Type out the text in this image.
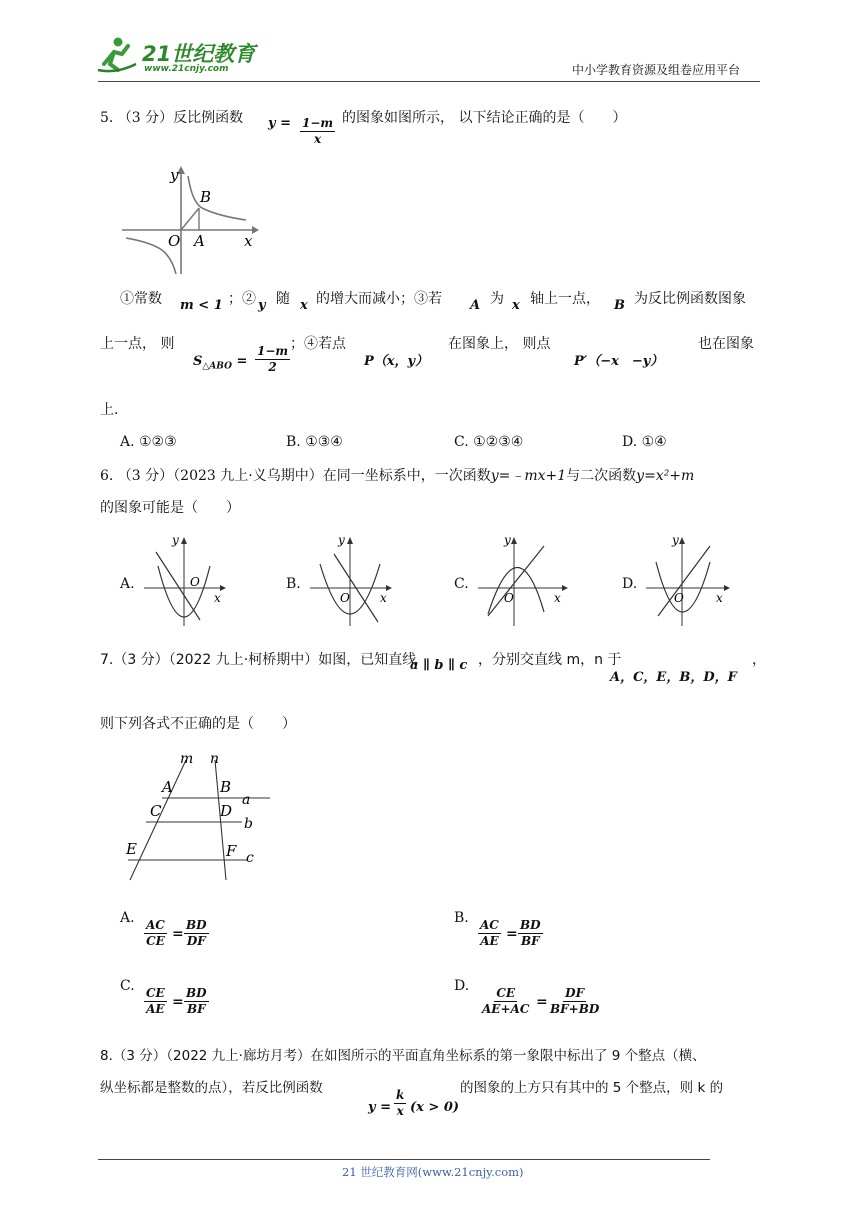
21世纪教育
www.21cnjy.com	中小学教育资源及组卷应用平台
5. （3 分）反比例函数 $y = \frac{1-m}{x}$ 的图象如图所示， 以下结论正确的是（　　）
y
B
O A	x
①常数 m < 1 ；② y 随 x 的增大而减小；③若 A 为 x 轴上一点， B 为反比例函数图象
上一点， 则
$S_{\triangle ABO} = \frac{1-m}{2}$ ；④若点
P（x，y）
在图象上， 则点
P′（−x　−y）
也在图象
上.
A. ①②③	B. ①③④	C. ①②③④	D. ①④
6. （3 分）（2023 九上·义乌期中）在同一坐标系中，一次函数y=﹣mx+1与二次函数y=x²+m
的图象可能是（　　）
A.
y
O
x
B.
y
O	x
C.
y
O	x
D.
y
O	x
7.（3 分）（2022 九上·柯桥期中）如图，已知直线
a ∥ b ∥ c ，分别交直线 m，n 于
A，C，E，B，D，F
，
则下列各式不正确的是（　　）
m n
A	B
a
C	D
b
E	F c
A. $\frac{AC}{CE} = \frac{BD}{DF}$	B. $\frac{AC}{AE} = \frac{BD}{BF}$
C. $\frac{CE}{AE} = \frac{BD}{BF}$	D. $\frac{CE}{AE+AC} = \frac{DF}{BF+BD}$
8.（3 分）（2022 九上·廊坊月考）在如图所示的平面直角坐标系的第一象限中标出了 9 个整点（横、
纵坐标都是整数的点），若反比例函数
$y = \frac{k}{x} (x > 0)$
的图象的上方只有其中的 5 个整点，则 k 的
21 世纪教育网(www.21cnjy.com)
